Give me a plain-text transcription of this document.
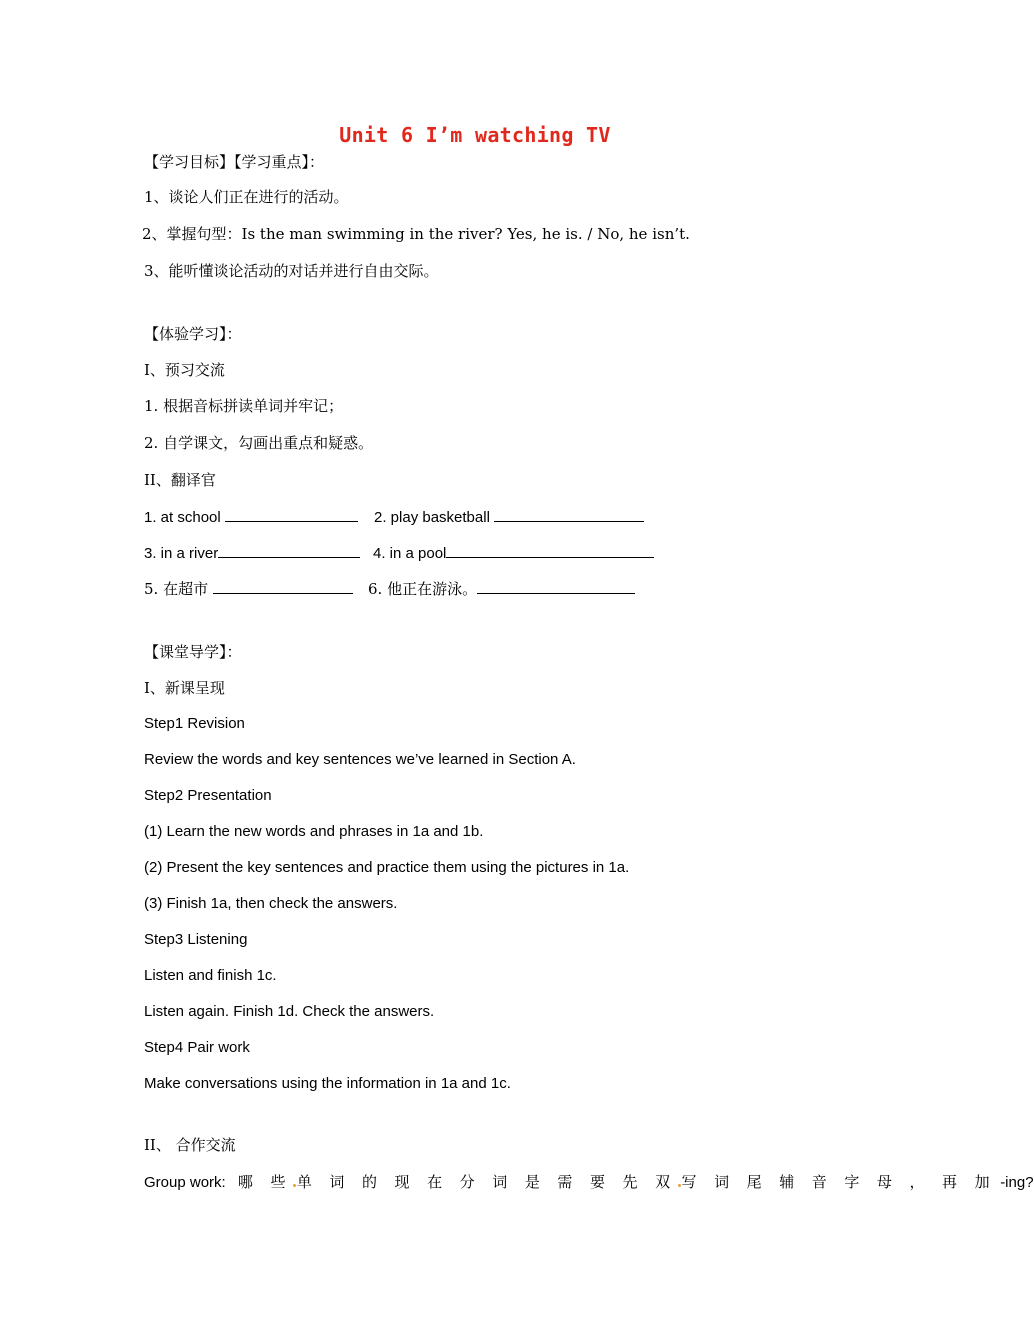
Unit 6 I’m watching TV
【学习目标】【学习重点】：
1、谈论人们正在进行的活动。
2、掌握句型：Is the man swimming in the river? Yes, he is. / No, he isn’t.
3、能听懂谈论活动的对话并进行自由交际。
【体验学习】：
I、预习交流
1. 根据音标拼读单词并牢记；
2. 自学课文，勾画出重点和疑惑。
II、翻译官
1. at school	2. play basketball
3. in a river	4. in a pool
5. 在超市	6. 他正在游泳。
【课堂导学】：
I、新课呈现
Step1 Revision
Review the words and key sentences we’ve learned in Section A.
Step2 Presentation
(1) Learn the new words and phrases in 1a and 1b.
(2) Present the key sentences and practice them using the pictures in 1a.
(3) Finish 1a, then check the answers.
Step3 Listening
Listen and finish 1c.
Listen again. Finish 1d. Check the answers.
Step4 Pair work
Make conversations using the information in 1a and 1c.
II、 合作交流
Group work: 哪 些 单 词 的 现 在 分 词 是 需 要 先 双 写 词 尾 辅 音 字 母 ， 再 加 -ing?
